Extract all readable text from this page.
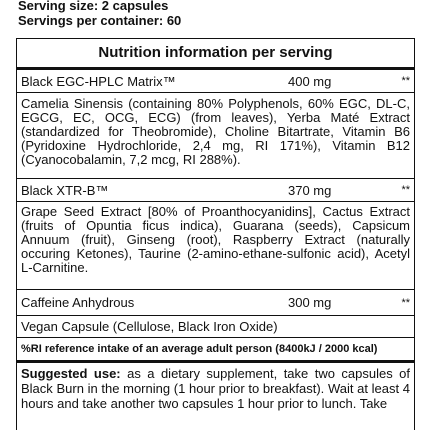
Serving size: 2 capsules
Servings per container: 60
Nutrition information per serving
Black EGC-HPLC Matrix™	400 mg	**
Camelia Sinensis (containing 80% Polyphenols, 60% EGC, DL-C, EGCG, EC, OCG, ECG) (from leaves), Yerba Maté Extract (standardized for Theobromide), Choline Bitartrate, Vitamin B6 (Pyridoxine Hydrochloride, 2,4 mg, RI 171%), Vitamin B12 (Cyanocobalamin, 7,2 mcg, RI 288%).
Black XTR-B™	370 mg	**
Grape Seed Extract [80% of Proanthocyanidins], Cactus Extract (fruits of Opuntia ficus indica), Guarana (seeds), Capsicum Annuum (fruit), Ginseng (root), Raspberry Extract (naturally occuring Ketones), Taurine (2-amino-ethane-sulfonic acid), Acetyl L-Carnitine.
Caffeine Anhydrous	300 mg	**
Vegan Capsule (Cellulose, Black Iron Oxide)
%RI reference intake of an average adult person (8400kJ / 2000 kcal)
Suggested use: as a dietary supplement, take two capsules of Black Burn in the morning (1 hour prior to breakfast). Wait at least 4 hours and take another two capsules 1 hour prior to lunch. Take
